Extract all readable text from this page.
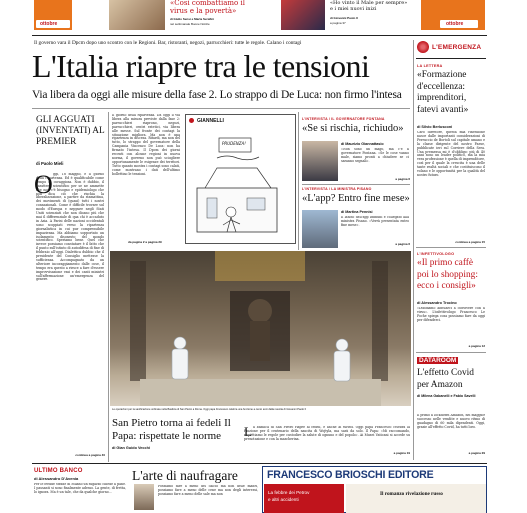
ottobre
«Così combattiamo il virus e la povertà»
di Giulio Sensi e Marta Serafini
nel settimanale Buone Notizie
«Ho vinto il Male per sempre» e i miei nuovi inizi
di Giovanni Paolo II
a pagina 37	ottobre
Il governo vara il Dpcm dopo uno scontro con le Regioni. Bar, ristoranti, negozi, parrucchieri: tutte le regole. Calano i contagi
L'Italia riapre tra le tensioni
Via libera da oggi alle misure della fase 2. Lo strappo di De Luca: non firmo l'intesa
GLI AGGUATI (INVENTATI) AL PREMIER
di Paolo Mieli
O ggi, 18 maggio, è il giorno della ripartenza. Ed è qualificabile come tempo di coraggiosa. Non è dubbio, il carattere scientifico per se ne ammette che non c'è bisogno e epidemiologo che non dica ciò che rischia la liberalizzazione, a partire da stamattina, dei movimenti di (quasi) tutti i nostri connazionali. Come è difficile trovare sul modo d'Europa e neppure negli Stati Uniti scienziati che non dicano più che mai il differenziale di qua chi è accaduto in Asia. A Parisi delle nazioni occidentali sono scoppiati verso la ripartenza giornalistica in cui pur comprensibile impazienza. Ma abbiamo sopportato un isolamento disonesto del mondo scientifico. Speriamo bene. Quel che invece possiamo constatare è il fatto che il punto sull'istinto di autodifesa di fine di febbraio all'oggi. Dialettica dubbio che il presidente del Consiglio mettesse la sufficienza. Accompagnato da un ulteriore incoraggiamento dalle cose, il tempo era questo a riesce a fare d'essere improvvisazione vasi e dei canti ministri sull'affermazione un'emergenza del genere.
continua a pagina 40
Il giorno della ripartenza. Da oggi il via libera alla misura previste dalla fase 2: parrucchieri riaprono, negozi, parrucchieri, centri estetici, via libera alle messe. Sul fronte dei contagi la situazione migliora. Ma non è una ripartenza in discesa. Ritardi, ma non del tutto, lo strappo del governatore della Campania Vincenzo De Luca: non ha firmato l'intesa. Il Dpcm dei giorni recenti con alcune regioni in nuova norma, il governo non può sciogliere opportunamente le esigenze dei territori. Tutto quanto mostra i contagi sono calati, come mostrano i dati dell'ultimo bollettino le tensioni.
da pagina 2 a pagina 29
GIANNELLI
PRUDENZA!
L'INTERVISTA / IL GOVERNATORE FONTANA
«Se si rischia, richiudo»
di Maurizio Giannattasio
«Non sono un mago, ma c'è il governatore Fontana. «Se le cose vanno male, siamo pronti a chiudere se ci saranno segnali».
a pagina 6
L'INTERVISTA / LA MINISTRA PISANO
«L'app? Entro fine mese»
di Martina Pennisi
Il lancio dell'app Immuni è collegato alla ministra Pisano. «Verrà presentata entro fine mese».
a pagina 6
Le operazioni per la sanificazione ordinata nella Basilica di San Pietro a Roma. Oggi papa Francesco celebra una funzione a cento anni dalla nascita di Giovanni Paolo II
San Pietro torna ai fedeli Il Papa: rispettate le norme
di Gian Guido Vecchi
L a basilica di San Pietro riapre ai fedeli, e anche ai turisti. Oggi papa Francesco celebra la funzione per il centenario della nascita di Wojtyla, ma sarà da solo. Il Papa: «Mi raccomando, rispettiamo le regole per custodire la salute di ognuno e del popolo». Ai Musei Vaticani si accede su prenotazione e con la mascherina.
a pagina 19
L'EMERGENZA
LA LETTERA
«Formazione d'eccellenza: imprenditori, fatevi avanti»
di Silvio Berlusconi
Caro direttore, questa mia riflessione nasce dalle importanti considerazioni di Ferruccio de Bortoli sul capitale umano e la classe dirigente del nostro Paese, pubblicate ieri sul Corriere della Sera. Una premessa mi è d'obbligo: più di 40 anni sono un leader politico, ma la mia vera professione è quella di imprenditore, così per il quale la crescita è una delle tante realtà sociali e che costituiscono il volano e le opportunità per la qualità del nostro futuro.
continua a pagina 15
L'INFETTIVOLOGO
«Il primo caffè poi lo shopping: ecco i consigli»
di Alessandro Trocino
«Dobbiamo abituarci a convivere con il virus». L'infettivologo Francesco Le Foche spiega cosa possiamo fare da oggi per difenderci.
a pagina 12
DATAROOM
L'effetto Covid per Amazon
di Milena Gabanelli e Fabio Savelli
Il primo il lockdown Amazon, nel maggior successo nelle vendite e nuovo ritmo di guadagno di 60 mila dipendenti. Oggi, grazie all'effetto Covid, ha tutti loro.
a pagina 29
ULTIMO BANCO
di Alessandro D'Avenia
Per le fredde strade di Milano un ragazzo chiede il pane. I passanti si sono finalmente adesso. La gente, di fretta, lo ignora. Ma è un tale, che da qualche giorno...
L'arte di naufragare
Possiamo fare a meno del calcio ma non delle madri, possiamo fare a meno delle cene ma non degli interessi, possiamo fare a meno delle sale ma non
FRANCESCO BRIOSCHI EDITORE
La febbre dei Petrov
e altri accidenti
Il romanzo rivelazione russo
